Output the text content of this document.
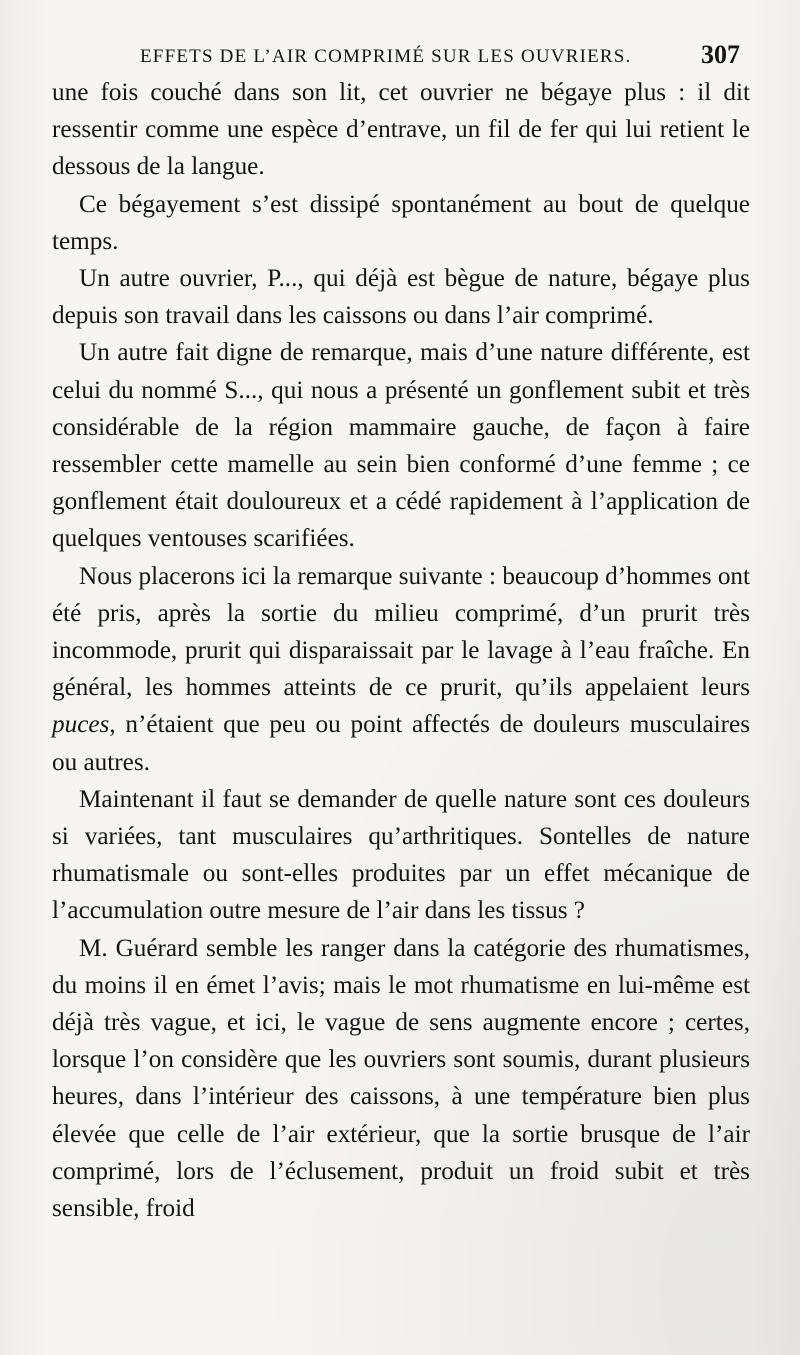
EFFETS DE L’AIR COMPRIMÉ SUR LES OUVRIERS.	307

une fois couché dans son lit, cet ouvrier ne bégaye plus : il dit ressentir comme une espèce d’entrave, un fil de fer qui lui retient le dessous de la langue.

Ce bégayement s’est dissipé spontanément au bout de quelque temps.

Un autre ouvrier, P..., qui déjà est bègue de nature, bégaye plus depuis son travail dans les caissons ou dans l’air comprimé.

Un autre fait digne de remarque, mais d’une nature différente, est celui du nommé S..., qui nous a présenté un gonflement subit et très considérable de la région mammaire gauche, de façon à faire ressembler cette mamelle au sein bien conformé d’une femme ; ce gonflement était douloureux et a cédé rapidement à l’application de quelques ventouses scarifiées.

Nous placerons ici la remarque suivante : beaucoup d’hommes ont été pris, après la sortie du milieu comprimé, d’un prurit très incommode, prurit qui disparaissait par le lavage à l’eau fraîche. En général, les hommes atteints de ce prurit, qu’ils appelaient leurs puces, n’étaient que peu ou point affectés de douleurs musculaires ou autres.

Maintenant il faut se demander de quelle nature sont ces douleurs si variées, tant musculaires qu’arthritiques. Sontelles de nature rhumatismale ou sont-elles produites par un effet mécanique de l’accumulation outre mesure de l’air dans les tissus ?

M. Guérard semble les ranger dans la catégorie des rhumatismes, du moins il en émet l’avis; mais le mot rhumatisme en lui-même est déjà très vague, et ici, le vague de sens augmente encore ; certes, lorsque l’on considère que les ouvriers sont soumis, durant plusieurs heures, dans l’intérieur des caissons, à une température bien plus élevée que celle de l’air extérieur, que la sortie brusque de l’air comprimé, lors de l’éclusement, produit un froid subit et très sensible, froid
